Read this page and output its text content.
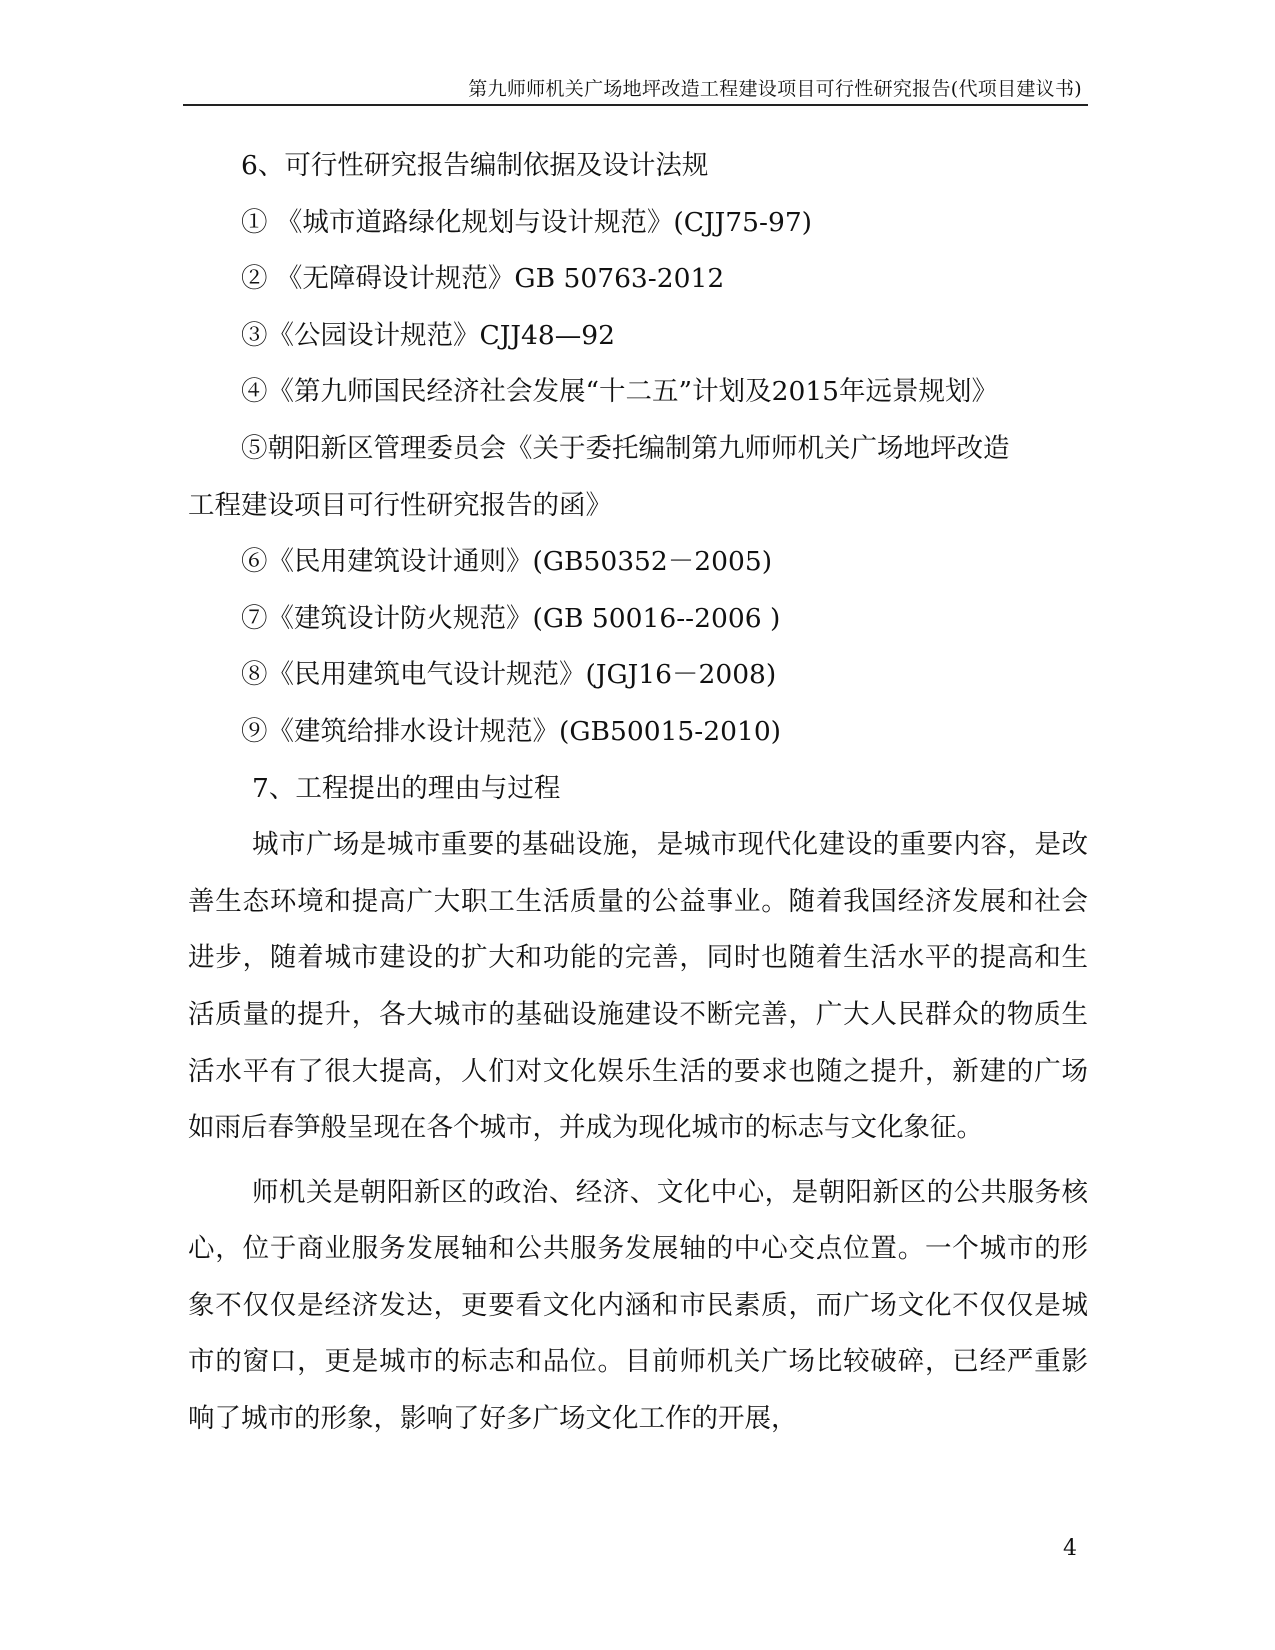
第九师师机关广场地坪改造工程建设项目可行性研究报告(代项目建议书)
6、可行性研究报告编制依据及设计法规
① 《城市道路绿化规划与设计规范》(CJJ75-97)
② 《无障碍设计规范》GB 50763-2012
③《公园设计规范》CJJ48—92
④《第九师国民经济社会发展“十二五”计划及2015年远景规划》
⑤朝阳新区管理委员会《关于委托编制第九师师机关广场地坪改造
工程建设项目可行性研究报告的函》
⑥《民用建筑设计通则》(GB50352－2005)
⑦《建筑设计防火规范》(GB 50016--2006 )
⑧《民用建筑电气设计规范》(JGJ16－2008)
⑨《建筑给排水设计规范》(GB50015-2010)
7、工程提出的理由与过程

城市广场是城市重要的基础设施，是城市现代化建设的重要内容，是改善生态环境和提高广大职工生活质量的公益事业。随着我国经济发展和社会进步，随着城市建设的扩大和功能的完善，同时也随着生活水平的提高和生活质量的提升，各大城市的基础设施建设不断完善，广大人民群众的物质生活水平有了很大提高，人们对文化娱乐生活的要求也随之提升，新建的广场如雨后春笋般呈现在各个城市，并成为现化城市的标志与文化象征。

师机关是朝阳新区的政治、经济、文化中心，是朝阳新区的公共服务核心，位于商业服务发展轴和公共服务发展轴的中心交点位置。一个城市的形象不仅仅是经济发达，更要看文化内涵和市民素质，而广场文化不仅仅是城市的窗口，更是城市的标志和品位。目前师机关广场比较破碎，已经严重影响了城市的形象，影响了好多广场文化工作的开展，

4
